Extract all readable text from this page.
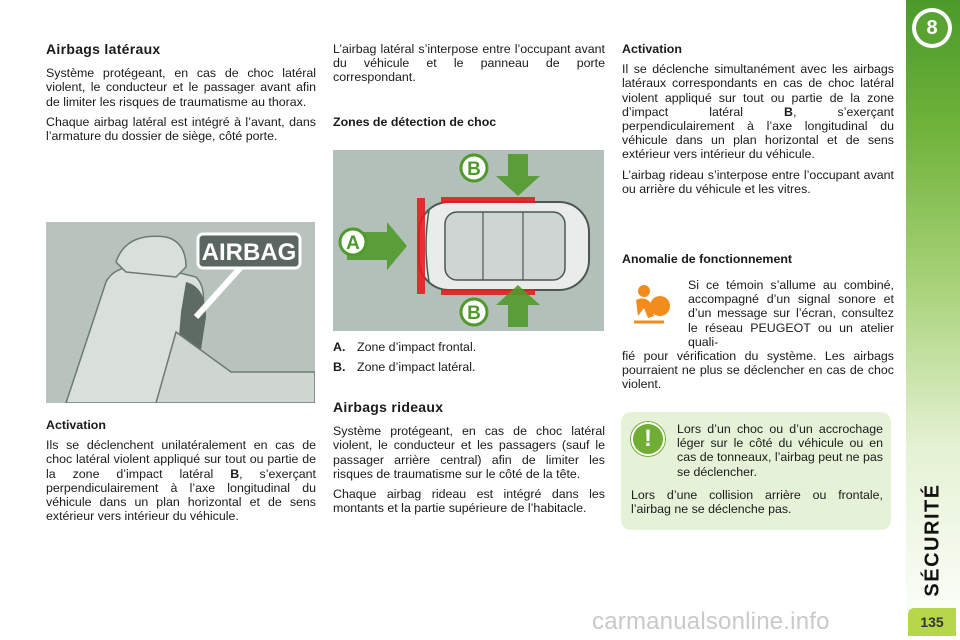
8
SÉCURITÉ
135
Airbags latéraux

Système protégeant, en cas de choc latéral violent, le conducteur et le passager avant afin de limiter les risques de traumatisme au thorax.

Chaque airbag latéral est intégré à l’avant, dans l’armature du dossier de siège, côté porte.

AIRBAG
Activation

Ils se déclenchent unilatéralement en cas de choc latéral violent appliqué sur tout ou partie de la zone d’impact latéral B, s’exerçant perpendiculairement à l’axe longitudinal du véhicule dans un plan horizontal et de sens extérieur vers intérieur du véhicule.

L’airbag latéral s’interpose entre l’occupant avant du véhicule et le panneau de porte correspondant.

Zones de détection de choc
A
B
B
A. Zone d’impact frontal.
B. Zone d’impact latéral.
Airbags rideaux

Système protégeant, en cas de choc latéral violent, le conducteur et les passagers (sauf le passager arrière central) afin de limiter les risques de traumatisme sur le côté de la tête.

Chaque airbag rideau est intégré dans les montants et la partie supérieure de l’habitacle.

Activation

Il se déclenche simultanément avec les airbags latéraux correspondants en cas de choc latéral violent appliqué sur tout ou partie de la zone d’impact latéral B, s’exerçant perpendiculairement à l’axe longitudinal du véhicule dans un plan horizontal et de sens extérieur vers intérieur du véhicule.

L’airbag rideau s’interpose entre l’occupant avant ou arrière du véhicule et les vitres.

Anomalie de fonctionnement
Si ce témoin s’allume au combiné, accompagné d’un signal sonore et d’un message sur l’écran, consultez le réseau PEUGEOT ou un atelier quali-
fié pour vérification du système. Les airbags pourraient ne plus se déclencher en cas de choc violent.
!	Lors d’un choc ou d’un accrochage léger sur le côté du véhicule ou en cas de tonneaux, l’airbag peut ne pas se déclencher.
Lors d’une collision arrière ou frontale, l’airbag ne se déclenche pas.
carmanualsonline.info
